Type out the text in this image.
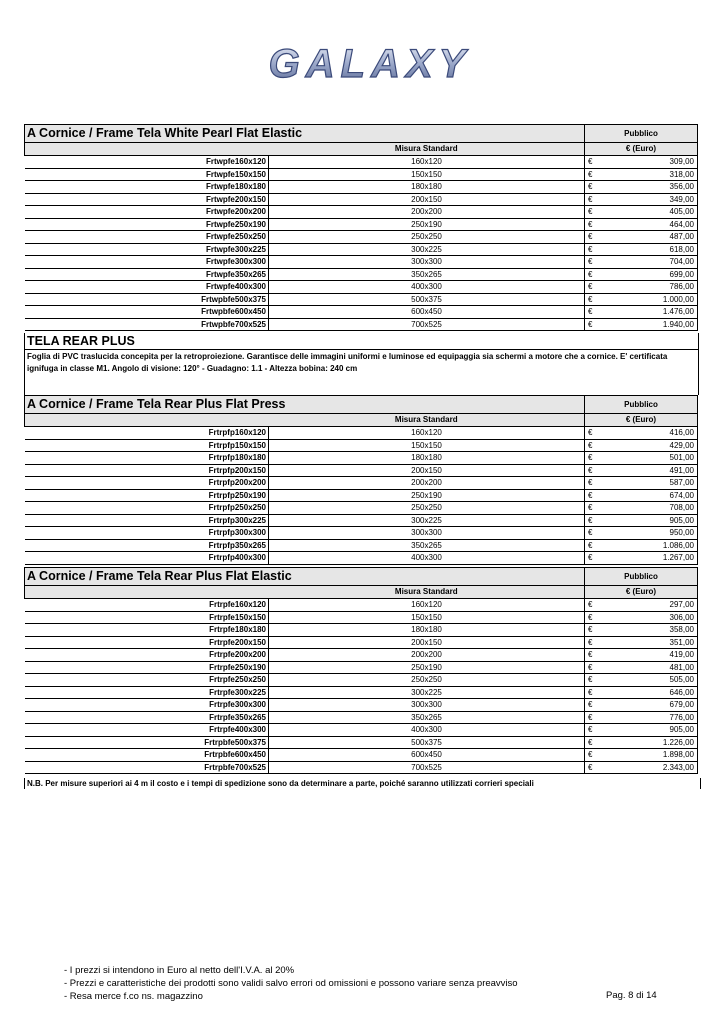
GALAXY
A Cornice / Frame Tela White Pearl Flat Elastic		Pubblico	
	Misura Standard	€ (Euro)	
Frtwpfe160x120	160x120	€	309,00
Frtwpfe150x150	150x150	€	318,00
Frtwpfe180x180	180x180	€	356,00
Frtwpfe200x150	200x150	€	349,00
Frtwpfe200x200	200x200	€	405,00
Frtwpfe250x190	250x190	€	464,00
Frtwpfe250x250	250x250	€	487,00
Frtwpfe300x225	300x225	€	618,00
Frtwpfe300x300	300x300	€	704,00
Frtwpfe350x265	350x265	€	699,00
Frtwpfe400x300	400x300	€	786,00
Frtwpbfe500x375	500x375	€	1.000,00
Frtwpbfe600x450	600x450	€	1.476,00
Frtwpbfe700x525	700x525	€	1.940,00
TELA REAR PLUS
Foglia di PVC traslucida concepita per la retroproiezione. Garantisce delle immagini uniformi e luminose ed equipaggia sia schermi a motore che a cornice. E' certificata ignifuga in classe M1. Angolo di visione: 120° - Guadagno: 1.1 - Altezza bobina: 240 cm
A Cornice / Frame Tela Rear Plus Flat Press		Pubblico	
	Misura Standard	€ (Euro)	
Frtrpfp160x120	160x120	€	416,00
Frtrpfp150x150	150x150	€	429,00
Frtrpfp180x180	180x180	€	501,00
Frtrpfp200x150	200x150	€	491,00
Frtrpfp200x200	200x200	€	587,00
Frtrpfp250x190	250x190	€	674,00
Frtrpfp250x250	250x250	€	708,00
Frtrpfp300x225	300x225	€	905,00
Frtrpfp300x300	300x300	€	950,00
Frtrpfp350x265	350x265	€	1.086,00
Frtrpfp400x300	400x300	€	1.267,00
A Cornice / Frame Tela Rear Plus Flat Elastic		Pubblico	
	Misura Standard	€ (Euro)	
Frtrpfe160x120	160x120	€	297,00
Frtrpfe150x150	150x150	€	306,00
Frtrpfe180x180	180x180	€	358,00
Frtrpfe200x150	200x150	€	351,00
Frtrpfe200x200	200x200	€	419,00
Frtrpfe250x190	250x190	€	481,00
Frtrpfe250x250	250x250	€	505,00
Frtrpfe300x225	300x225	€	646,00
Frtrpfe300x300	300x300	€	679,00
Frtrpfe350x265	350x265	€	776,00
Frtrpfe400x300	400x300	€	905,00
Frtrpbfe500x375	500x375	€	1.226,00
Frtrpbfe600x450	600x450	€	1.898,00
Frtrpbfe700x525	700x525	€	2.343,00
N.B. Per misure superiori ai 4 m il costo e i tempi di spedizione sono da determinare a parte, poiché saranno utilizzati corrieri speciali
- I prezzi si intendono in Euro al netto dell'I.V.A. al 20%
- Prezzi e caratteristiche dei prodotti sono validi salvo errori od omissioni e possono variare senza preavviso
- Resa merce f.co ns. magazzino	Pag. 8 di 14
